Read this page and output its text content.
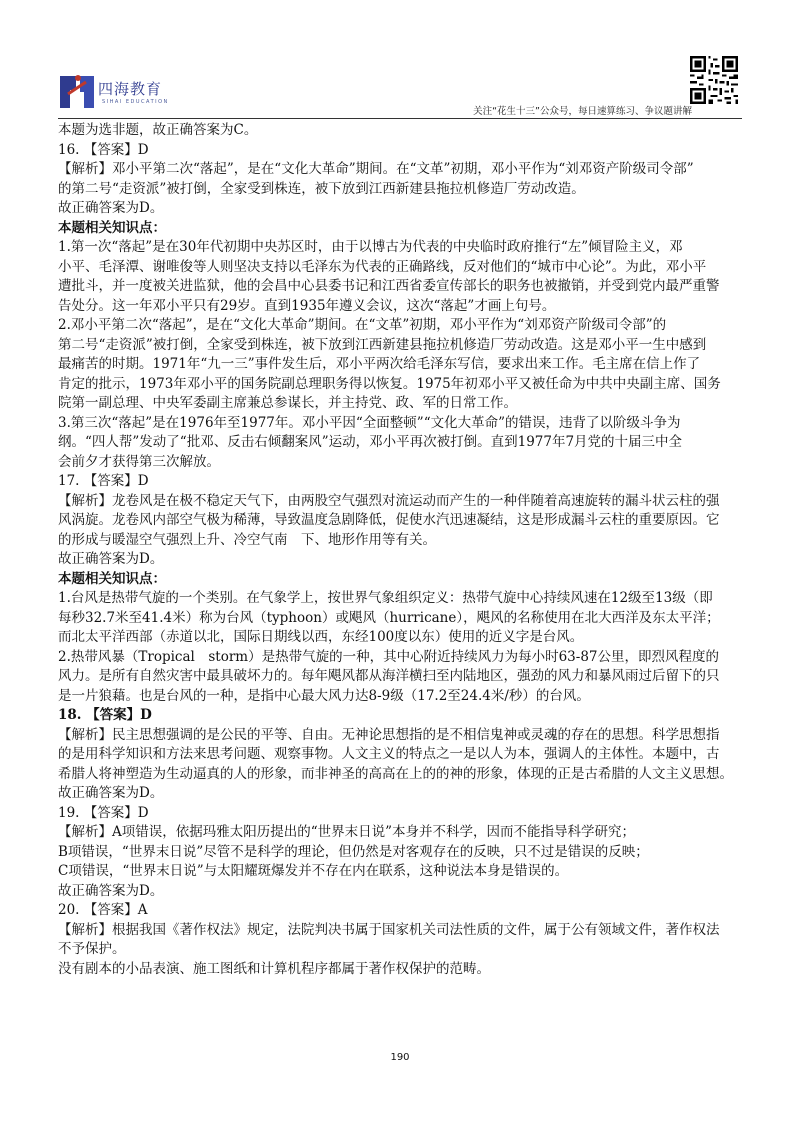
四海教育
SIHAI EDUCATION
关注“花生十三”公众号，每日速算练习、争议题讲解
本题为选非题，故正确答案为C。
16. 【答案】D
【解析】邓小平第二次“落起”，是在“文化大革命”期间。在“文革”初期，邓小平作为“刘邓资产阶级司令部”
的第二号“走资派”被打倒，全家受到株连，被下放到江西新建县拖拉机修造厂劳动改造。
故正确答案为D。
本题相关知识点：
1.第一次“落起”是在30年代初期中央苏区时，由于以博古为代表的中央临时政府推行“左”倾冒险主义，邓
小平、毛泽潭、谢唯俊等人则坚决支持以毛泽东为代表的正确路线，反对他们的“城市中心论”。为此，邓小平
遭批斗，并一度被关进监狱，他的会昌中心县委书记和江西省委宣传部长的职务也被撤销，并受到党内最严重警
告处分。这一年邓小平只有29岁。直到1935年遵义会议，这次“落起”才画上句号。
2.邓小平第二次“落起”，是在“文化大革命”期间。在“文革”初期，邓小平作为“刘邓资产阶级司令部”的
第二号“走资派”被打倒，全家受到株连，被下放到江西新建县拖拉机修造厂劳动改造。这是邓小平一生中感到
最痛苦的时期。1971年“九一三”事件发生后，邓小平两次给毛泽东写信，要求出来工作。毛主席在信上作了
肯定的批示，1973年邓小平的国务院副总理职务得以恢复。1975年初邓小平又被任命为中共中央副主席、国务
院第一副总理、中央军委副主席兼总参谋长，并主持党、政、军的日常工作。
3.第三次“落起”是在1976年至1977年。邓小平因“全面整顿”“文化大革命”的错误，违背了以阶级斗争为
纲。“四人帮”发动了“批邓、反击右倾翻案风”运动，邓小平再次被打倒。直到1977年7月党的十届三中全
会前夕才获得第三次解放。
17. 【答案】D
【解析】龙卷风是在极不稳定天气下，由两股空气强烈对流运动而产生的一种伴随着高速旋转的漏斗状云柱的强
风涡旋。龙卷风内部空气极为稀薄，导致温度急剧降低，促使水汽迅速凝结，这是形成漏斗云柱的重要原因。它
的形成与暖湿空气强烈上升、冷空气南　下、地形作用等有关。
故正确答案为D。
本题相关知识点：
1.台风是热带气旋的一个类别。在气象学上，按世界气象组织定义：热带气旋中心持续风速在12级至13级（即
每秒32.7米至41.4米）称为台风（typhoon）或飓风（hurricane），飓风的名称使用在北大西洋及东太平洋；
而北太平洋西部（赤道以北，国际日期线以西，东经100度以东）使用的近义字是台风。
2.热带风暴（Tropical　storm）是热带气旋的一种，其中心附近持续风力为每小时63-87公里，即烈风程度的
风力。是所有自然灾害中最具破坏力的。每年飓风都从海洋横扫至内陆地区，强劲的风力和暴风雨过后留下的只
是一片狼藉。也是台风的一种，是指中心最大风力达8-9级（17.2至24.4米/秒）的台风。
18. 【答案】D
【解析】民主思想强调的是公民的平等、自由。无神论思想指的是不相信鬼神或灵魂的存在的思想。科学思想指
的是用科学知识和方法来思考问题、观察事物。人文主义的特点之一是以人为本，强调人的主体性。本题中，古
希腊人将神塑造为生动逼真的人的形象，而非神圣的高高在上的的神的形象，体现的正是古希腊的人文主义思想。
故正确答案为D。
19. 【答案】D
【解析】A项错误，依据玛雅太阳历提出的“世界末日说”本身并不科学，因而不能指导科学研究；
B项错误，“世界末日说”尽管不是科学的理论，但仍然是对客观存在的反映，只不过是错误的反映；
C项错误，“世界末日说”与太阳耀斑爆发并不存在内在联系，这种说法本身是错误的。
故正确答案为D。
20. 【答案】A
【解析】根据我国《著作权法》规定，法院判决书属于国家机关司法性质的文件，属于公有领域文件，著作权法
不予保护。
没有剧本的小品表演、施工图纸和计算机程序都属于著作权保护的范畴。
190
